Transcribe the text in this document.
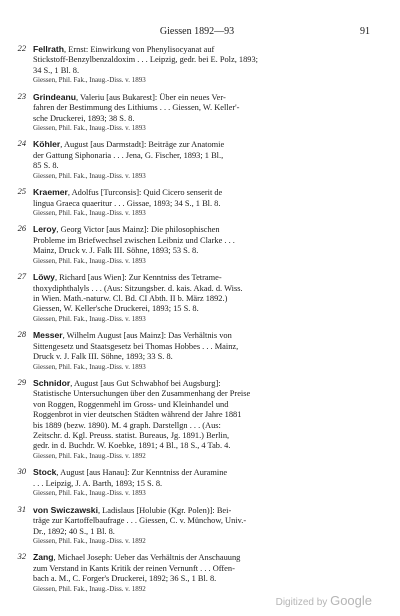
Giessen 1892—93	91
22 Fellrath, Ernst: Einwirkung von Phenylisocyanat auf
Stickstoff-Benzylbenzaldoxim . . . Leipzig, gedr. bei E. Polz, 1893;
34 S., 1 Bl. 8.
Giessen, Phil. Fak., Inaug.-Diss. v. 1893
23 Grindeanu, Valeriu [aus Bukarest]: Über ein neues Ver-
fahren der Bestimmung des Lithiums . . . Giessen, W. Keller'-
sche Druckerei, 1893; 38 S. 8.
Giessen, Phil. Fak., Inaug.-Diss. v. 1893
24 Köhler, August [aus Darmstadt]: Beiträge zur Anatomie
der Gattung Siphonaria . . . Jena, G. Fischer, 1893; 1 Bl.,
85 S. 8.
Giessen, Phil. Fak., Inaug.-Diss. v. 1893
25 Kraemer, Adolfus [Turconsis]: Quid Cicero senserit de
lingua Graeca quaeritur . . . Gissae, 1893; 34 S., 1 Bl. 8.
Giessen, Phil. Fak., Inaug.-Diss. v. 1893
26 Leroy, Georg Victor [aus Mainz]: Die philosophischen
Probleme im Briefwechsel zwischen Leibniz und Clarke . . .
Mainz, Druck v. J. Falk III. Söhne, 1893; 53 S. 8.
Giessen, Phil. Fak., Inaug.-Diss. v. 1893
27 Löwy, Richard [aus Wien]: Zur Kenntniss des Tetrame-
thoxydiphthalyls . . . (Aus: Sitzungsber. d. kais. Akad. d. Wiss.
in Wien. Math.-naturw. Cl. Bd. CI Abth. II b. März 1892.)
Giessen, W. Keller'sche Druckerei, 1893; 15 S. 8.
Giessen, Phil. Fak., Inaug.-Diss. v. 1893
28 Messer, Wilhelm August [aus Mainz]: Das Verhältnis von
Sittengesetz und Staatsgesetz bei Thomas Hobbes . . . Mainz,
Druck v. J. Falk III. Söhne, 1893; 33 S. 8.
Giessen, Phil. Fak., Inaug.-Diss. v. 1893
29 Schnidor, August [aus Gut Schwabhof bei Augsburg]:
Statistische Untersuchungen über den Zusammenhang der Preise
von Roggen, Roggenmehl im Gross- und Kleinhandel und
Roggenbrot in vier deutschen Städten während der Jahre 1881
bis 1889 (bezw. 1890). M. 4 graph. Darstellgn . . . (Aus:
Zeitschr. d. Kgl. Preuss. statist. Bureaus, Jg. 1891.) Berlin,
gedr. in d. Buchdr. W. Koebke, 1891; 4 Bl., 18 S., 4 Tab. 4.
Giessen, Phil. Fak., Inaug.-Diss. v. 1892
30 Stock, August [aus Hanau]: Zur Kenntniss der Auramine
. . . Leipzig, J. A. Barth, 1893; 15 S. 8.
Giessen, Phil. Fak., Inaug.-Diss. v. 1893
31 von Swiczawski, Ladislaus [Holubie (Kgr. Polen)]: Bei-
träge zur Kartoffelbaufrage . . . Giessen, C. v. Münchow, Univ.-
Dr., 1892; 40 S., 1 Bl. 8.
Giessen, Phil. Fak., Inaug.-Diss. v. 1892
32 Zang, Michael Joseph: Ueber das Verhältnis der Anschauung
zum Verstand in Kants Kritik der reinen Vernunft . . . Offen-
bach a. M., C. Forger's Druckerei, 1892; 36 S., 1 Bl. 8.
Giessen, Phil. Fak., Inaug.-Diss. v. 1892
Digitized by Google
